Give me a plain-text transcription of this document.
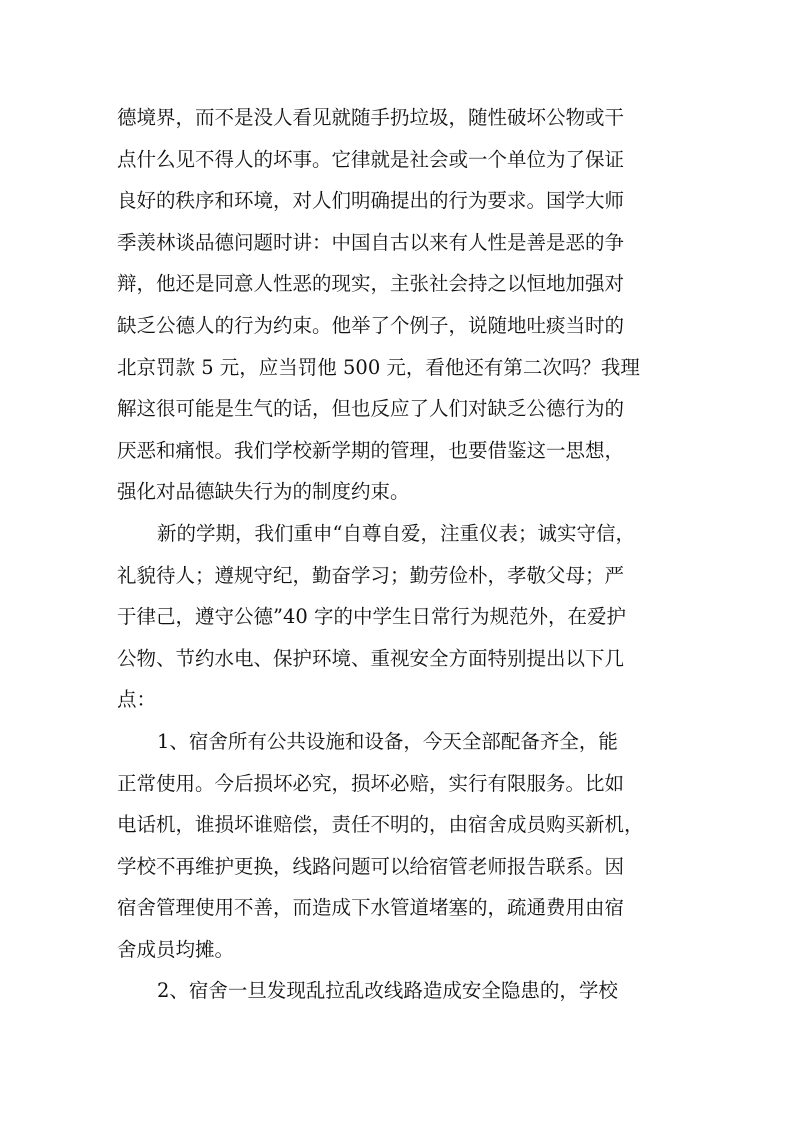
德境界，而不是没人看见就随手扔垃圾，随性破坏公物或干
点什么见不得人的坏事。它律就是社会或一个单位为了保证
良好的秩序和环境，对人们明确提出的行为要求。国学大师
季羡林谈品德问题时讲：中国自古以来有人性是善是恶的争
辩，他还是同意人性恶的现实，主张社会持之以恒地加强对
缺乏公德人的行为约束。他举了个例子，说随地吐痰当时的
北京罚款 5 元，应当罚他 500 元，看他还有第二次吗？我理
解这很可能是生气的话，但也反应了人们对缺乏公德行为的
厌恶和痛恨。我们学校新学期的管理，也要借鉴这一思想，
强化对品德缺失行为的制度约束。
新的学期，我们重申“自尊自爱，注重仪表；诚实守信，
礼貌待人；遵规守纪，勤奋学习；勤劳俭朴，孝敬父母；严
于律己，遵守公德”40 字的中学生日常行为规范外，在爱护
公物、节约水电、保护环境、重视安全方面特别提出以下几
点：
1、宿舍所有公共设施和设备，今天全部配备齐全，能
正常使用。今后损坏必究，损坏必赔，实行有限服务。比如
电话机，谁损坏谁赔偿，责任不明的，由宿舍成员购买新机，
学校不再维护更换，线路问题可以给宿管老师报告联系。因
宿舍管理使用不善，而造成下水管道堵塞的，疏通费用由宿
舍成员均摊。
2、宿舍一旦发现乱拉乱改线路造成安全隐患的，学校
